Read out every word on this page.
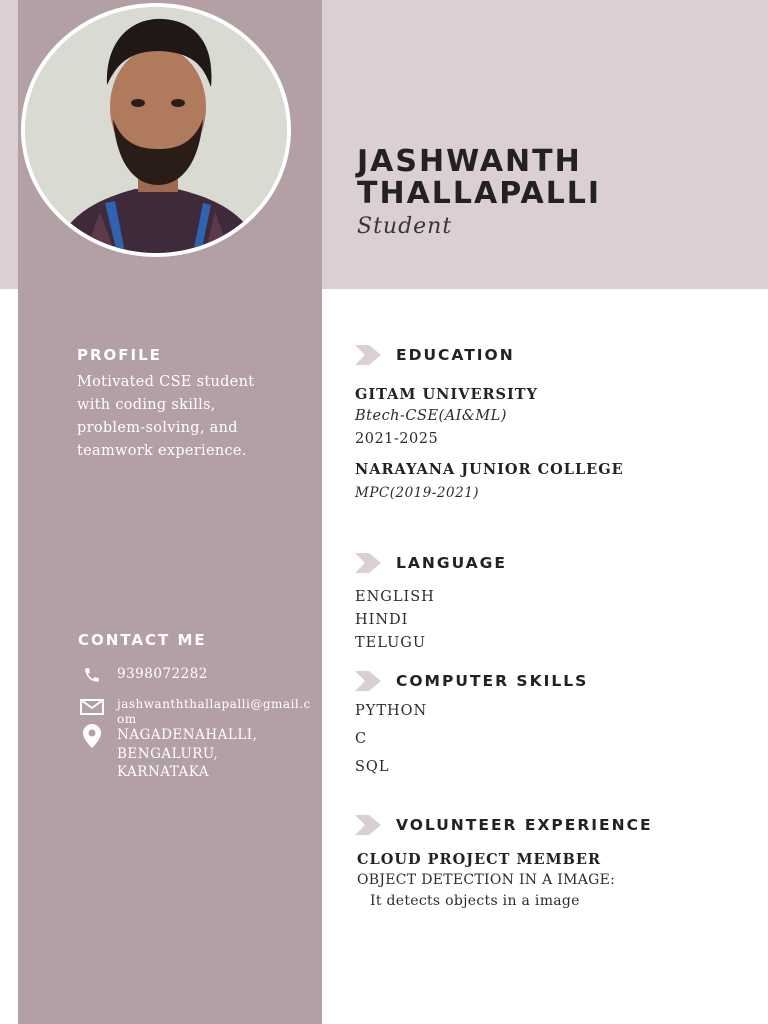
JASHWANTH
THALLAPALLI
Student
PROFILE
Motivated CSE student
with coding skills,
problem-solving, and
teamwork experience.
CONTACT ME
9398072282
jashwanththallapalli@gmail.com
NAGADENAHALLI,
BENGALURU,
KARNATAKA
EDUCATION
GITAM UNIVERSITY
Btech-CSE(AI&ML)
2021-2025
NARAYANA JUNIOR COLLEGE
MPC(2019-2021)
LANGUAGE
ENGLISH
HINDI
TELUGU
COMPUTER SKILLS
PYTHON
C
SQL
VOLUNTEER EXPERIENCE
CLOUD PROJECT MEMBER
OBJECT DETECTION IN A IMAGE:
It detects objects in a image
